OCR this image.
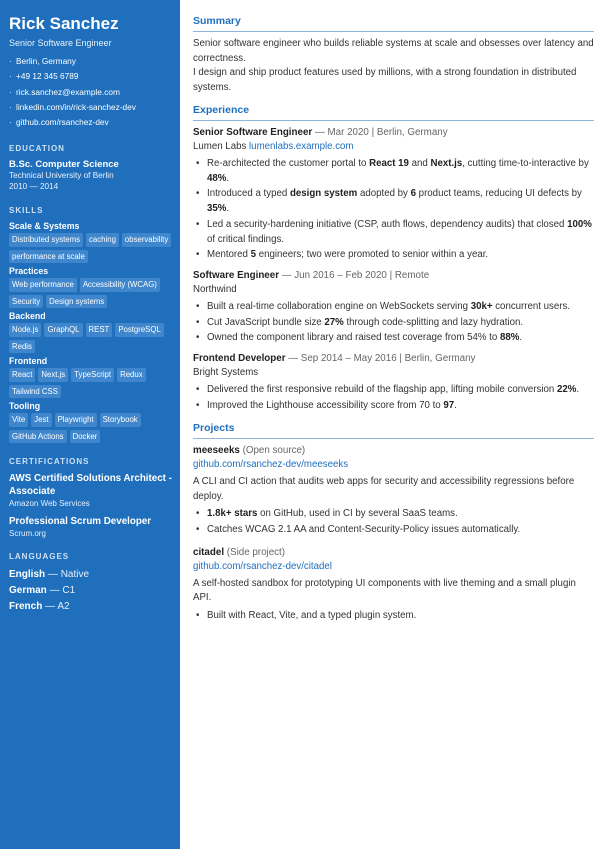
Rick Sanchez
Senior Software Engineer
· Berlin, Germany
· +49 12 345 6789
· rick.sanchez@example.com
· linkedin.com/in/rick-sanchez-dev
· github.com/rsanchez-dev
EDUCATION
B.Sc. Computer Science
Technical University of Berlin
2010 — 2014
SKILLS
Scale & Systems
Distributed systems	caching	observability
performance at scale
Practices
Web performance	Accessibility (WCAG)
Security	Design systems
Backend
Node.js	GraphQL	REST	PostgreSQL
Redis
Frontend
React	Next.js	TypeScript	Redux
Tailwind CSS
Tooling
Vite	Jest	Playwright	Storybook
GitHub Actions	Docker
CERTIFICATIONS
AWS Certified Solutions Architect - Associate
Amazon Web Services
Professional Scrum Developer
Scrum.org
LANGUAGES
English — Native
German — C1
French — A2
Summary
Senior software engineer who builds reliable systems at scale and obsesses over latency and correctness.
I design and ship product features used by millions, with a strong foundation in distributed systems.
Experience
Senior Software Engineer — Mar 2020 | Berlin, Germany
Lumen Labs lumenlabs.example.com
• Re-architected the customer portal to React 19 and Next.js, cutting time-to-interactive by 48%.
• Introduced a typed design system adopted by 6 product teams, reducing UI defects by 35%.
• Led a security-hardening initiative (CSP, auth flows, dependency audits) that closed 100% of critical findings.
• Mentored 5 engineers; two were promoted to senior within a year.
Software Engineer — Jun 2016 – Feb 2020 | Remote
Northwind
• Built a real-time collaboration engine on WebSockets serving 30k+ concurrent users.
• Cut JavaScript bundle size 27% through code-splitting and lazy hydration.
• Owned the component library and raised test coverage from 54% to 88%.
Frontend Developer — Sep 2014 – May 2016 | Berlin, Germany
Bright Systems
• Delivered the first responsive rebuild of the flagship app, lifting mobile conversion 22%.
• Improved the Lighthouse accessibility score from 70 to 97.
Projects
meeseeks (Open source)
github.com/rsanchez-dev/meeseeks
A CLI and CI action that audits web apps for security and accessibility regressions before deploy.
• 1.8k+ stars on GitHub, used in CI by several SaaS teams.
• Catches WCAG 2.1 AA and Content-Security-Policy issues automatically.
citadel (Side project)
github.com/rsanchez-dev/citadel
A self-hosted sandbox for prototyping UI components with live theming and a small plugin API.
• Built with React, Vite, and a typed plugin system.
